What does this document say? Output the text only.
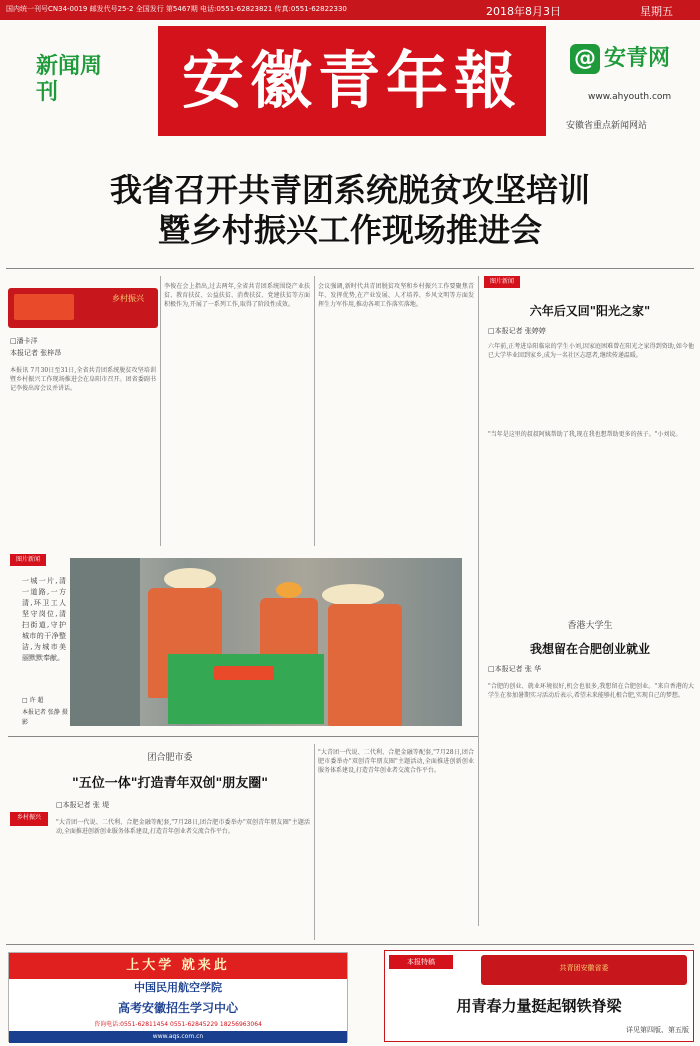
国内统一刊号CN34-0019 邮发代号25-2 全国发行 第5467期 电话:0551-62823821 传真:0551-62822330	2018年8月3日	星期五
新闻周刊	安徽青年報	@ 安青网
www.ahyouth.com
安徽省重点新闻网站
我省召开共青团系统脱贫攻坚培训
暨乡村振兴工作现场推进会
乡村振兴
□潘卡洋
本报记者 张梓昂
本报讯 7月30日至31日,全省共青团系统脱贫攻坚培训暨乡村振兴工作现场推进会在阜阳市召开。团省委副书记李俊出席会议并讲话。
李俊在会上指出,过去两年,全省共青团系统围绕产业扶贫、教育扶贫、公益扶贫、消费扶贫、党建扶贫等方面积极作为,开展了一系列工作,取得了阶段性成效。
会议强调,新时代共青团脱贫攻坚和乡村振兴工作要聚焦青年、发挥优势,在产业发展、人才培养、乡风文明等方面发挥生力军作用,推动各项工作落实落地。
图片新闻
一城一片,清一道路,一方清,环卫工人坚守岗位,清扫街道,守护城市的干净整洁,为城市美丽默默奉献。
□ 许 超
本报记者 张静 摄影
图片新闻
六年后又回"阳光之家"
□本报记者 张婷婷
六年前,正考进阜阳临泉的学生小刘,因家庭困难曾在阳光之家得到资助,如今他已大学毕业回到家乡,成为一名社区志愿者,继续传递温暖。
"当年是这里的叔叔阿姨帮助了我,现在我也想帮助更多的孩子。"小刘说。
香港大学生
我想留在合肥创业就业
□本报记者 张 华
"合肥的创业、就业环境很好,机会也很多,我想留在合肥创业。"来自香港的大学生在参加暑期实习活动后表示,希望未来能够扎根合肥,实现自己的梦想。
团合肥市委
"五位一体"打造青年双创"朋友圈"
□本报记者 张 堤
乡村振兴
"大青团一代说、二代利、合肥金融等配套,"7月28日,团合肥市委举办"双创青年朋友圈"主题活动,全面推进创新创业服务体系建设,打造青年创业者交流合作平台。
"大青团一代说、二代利、合肥金融等配套,"7月28日,团合肥市委举办"双创青年朋友圈"主题活动,全面推进创新创业服务体系建设,打造青年创业者交流合作平台。
上大学 就来此
中国民用航空学院
高考安徽招生学习中心
咨询电话:0551-62811454 0551-62845229 18256963064
www.aqs.com.cn
本报特稿
共青团安徽省委
用青春力量挺起钢铁脊梁
详见第四版、第五版
